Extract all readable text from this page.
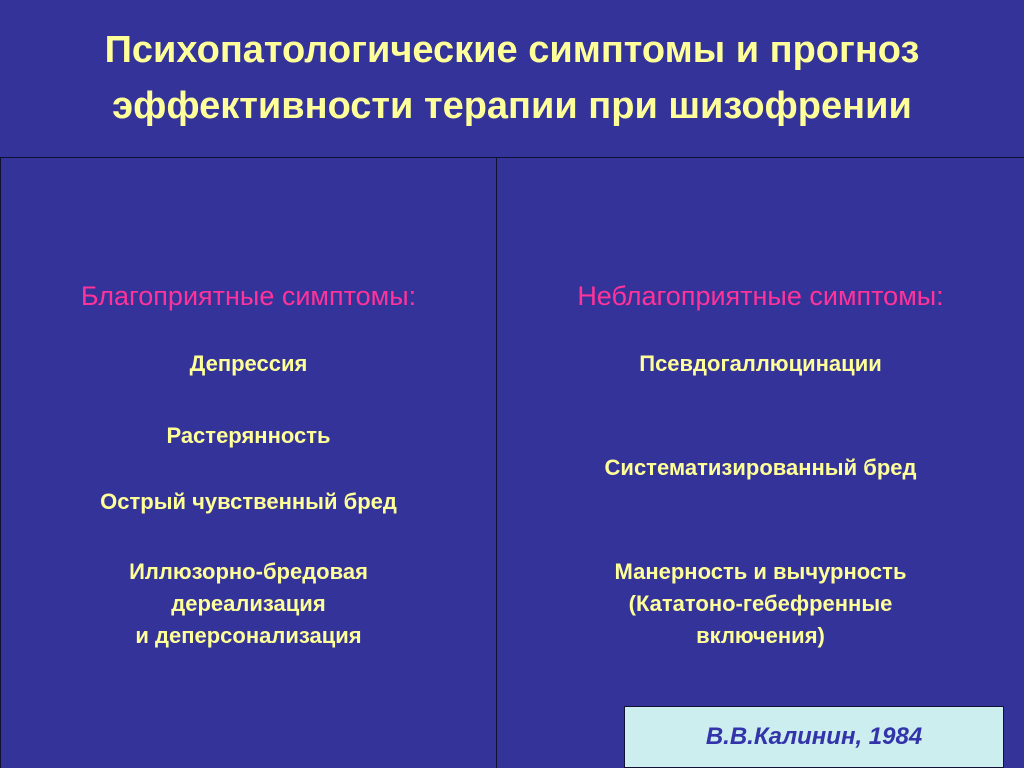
Психопатологические симптомы и прогноз
эффективности терапии при шизофрении
Благоприятные симптомы:
Депрессия
Растерянность
Острый чувственный бред
Иллюзорно-бредовая
дереализация
и деперсонализация
Неблагоприятные симптомы:
Псевдогаллюцинации
Систематизированный бред
Манерность и вычурность
(Кататоно-гебефренные
включения)
В.В.Калинин, 1984
